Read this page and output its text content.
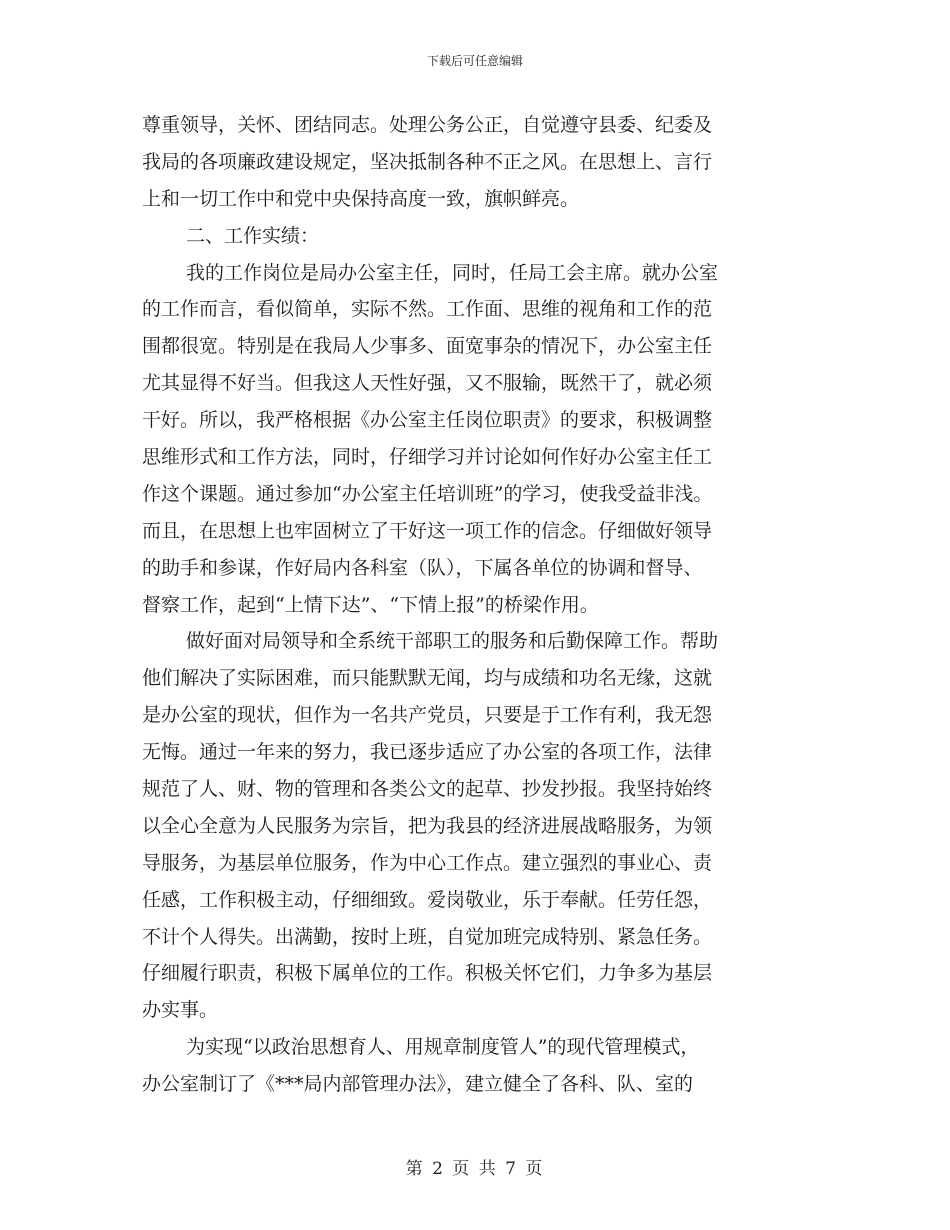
下载后可任意编辑
尊重领导，关怀、团结同志。处理公务公正，自觉遵守县委、纪委及
我局的各项廉政建设规定，坚决抵制各种不正之风。在思想上、言行
上和一切工作中和党中央保持高度一致，旗帜鲜亮。
二、工作实绩：
我的工作岗位是局办公室主任，同时，任局工会主席。就办公室
的工作而言，看似简单，实际不然。工作面、思维的视角和工作的范
围都很宽。特别是在我局人少事多、面宽事杂的情况下，办公室主任
尤其显得不好当。但我这人天性好强，又不服输，既然干了，就必须
干好。所以，我严格根据《办公室主任岗位职责》的要求，积极调整
思维形式和工作方法，同时，仔细学习并讨论如何作好办公室主任工
作这个课题。通过参加“办公室主任培训班”的学习，使我受益非浅。
而且，在思想上也牢固树立了干好这一项工作的信念。仔细做好领导
的助手和参谋，作好局内各科室（队），下属各单位的协调和督导、
督察工作，起到“上情下达”、“下情上报”的桥梁作用。
做好面对局领导和全系统干部职工的服务和后勤保障工作。帮助
他们解决了实际困难，而只能默默无闻，均与成绩和功名无缘，这就
是办公室的现状，但作为一名共产党员，只要是于工作有利，我无怨
无悔。通过一年来的努力，我已逐步适应了办公室的各项工作，法律
规范了人、财、物的管理和各类公文的起草、抄发抄报。我坚持始终
以全心全意为人民服务为宗旨，把为我县的经济进展战略服务，为领
导服务，为基层单位服务，作为中心工作点。建立强烈的事业心、责
任感，工作积极主动，仔细细致。爱岗敬业，乐于奉献。任劳任怨，
不计个人得失。出满勤，按时上班，自觉加班完成特别、紧急任务。
仔细履行职责，积极下属单位的工作。积极关怀它们，力争多为基层
办实事。
为实现“以政治思想育人、用规章制度管人”的现代管理模式，
办公室制订了《***局内部管理办法》，建立健全了各科、队、室的
第 2 页 共 7 页
